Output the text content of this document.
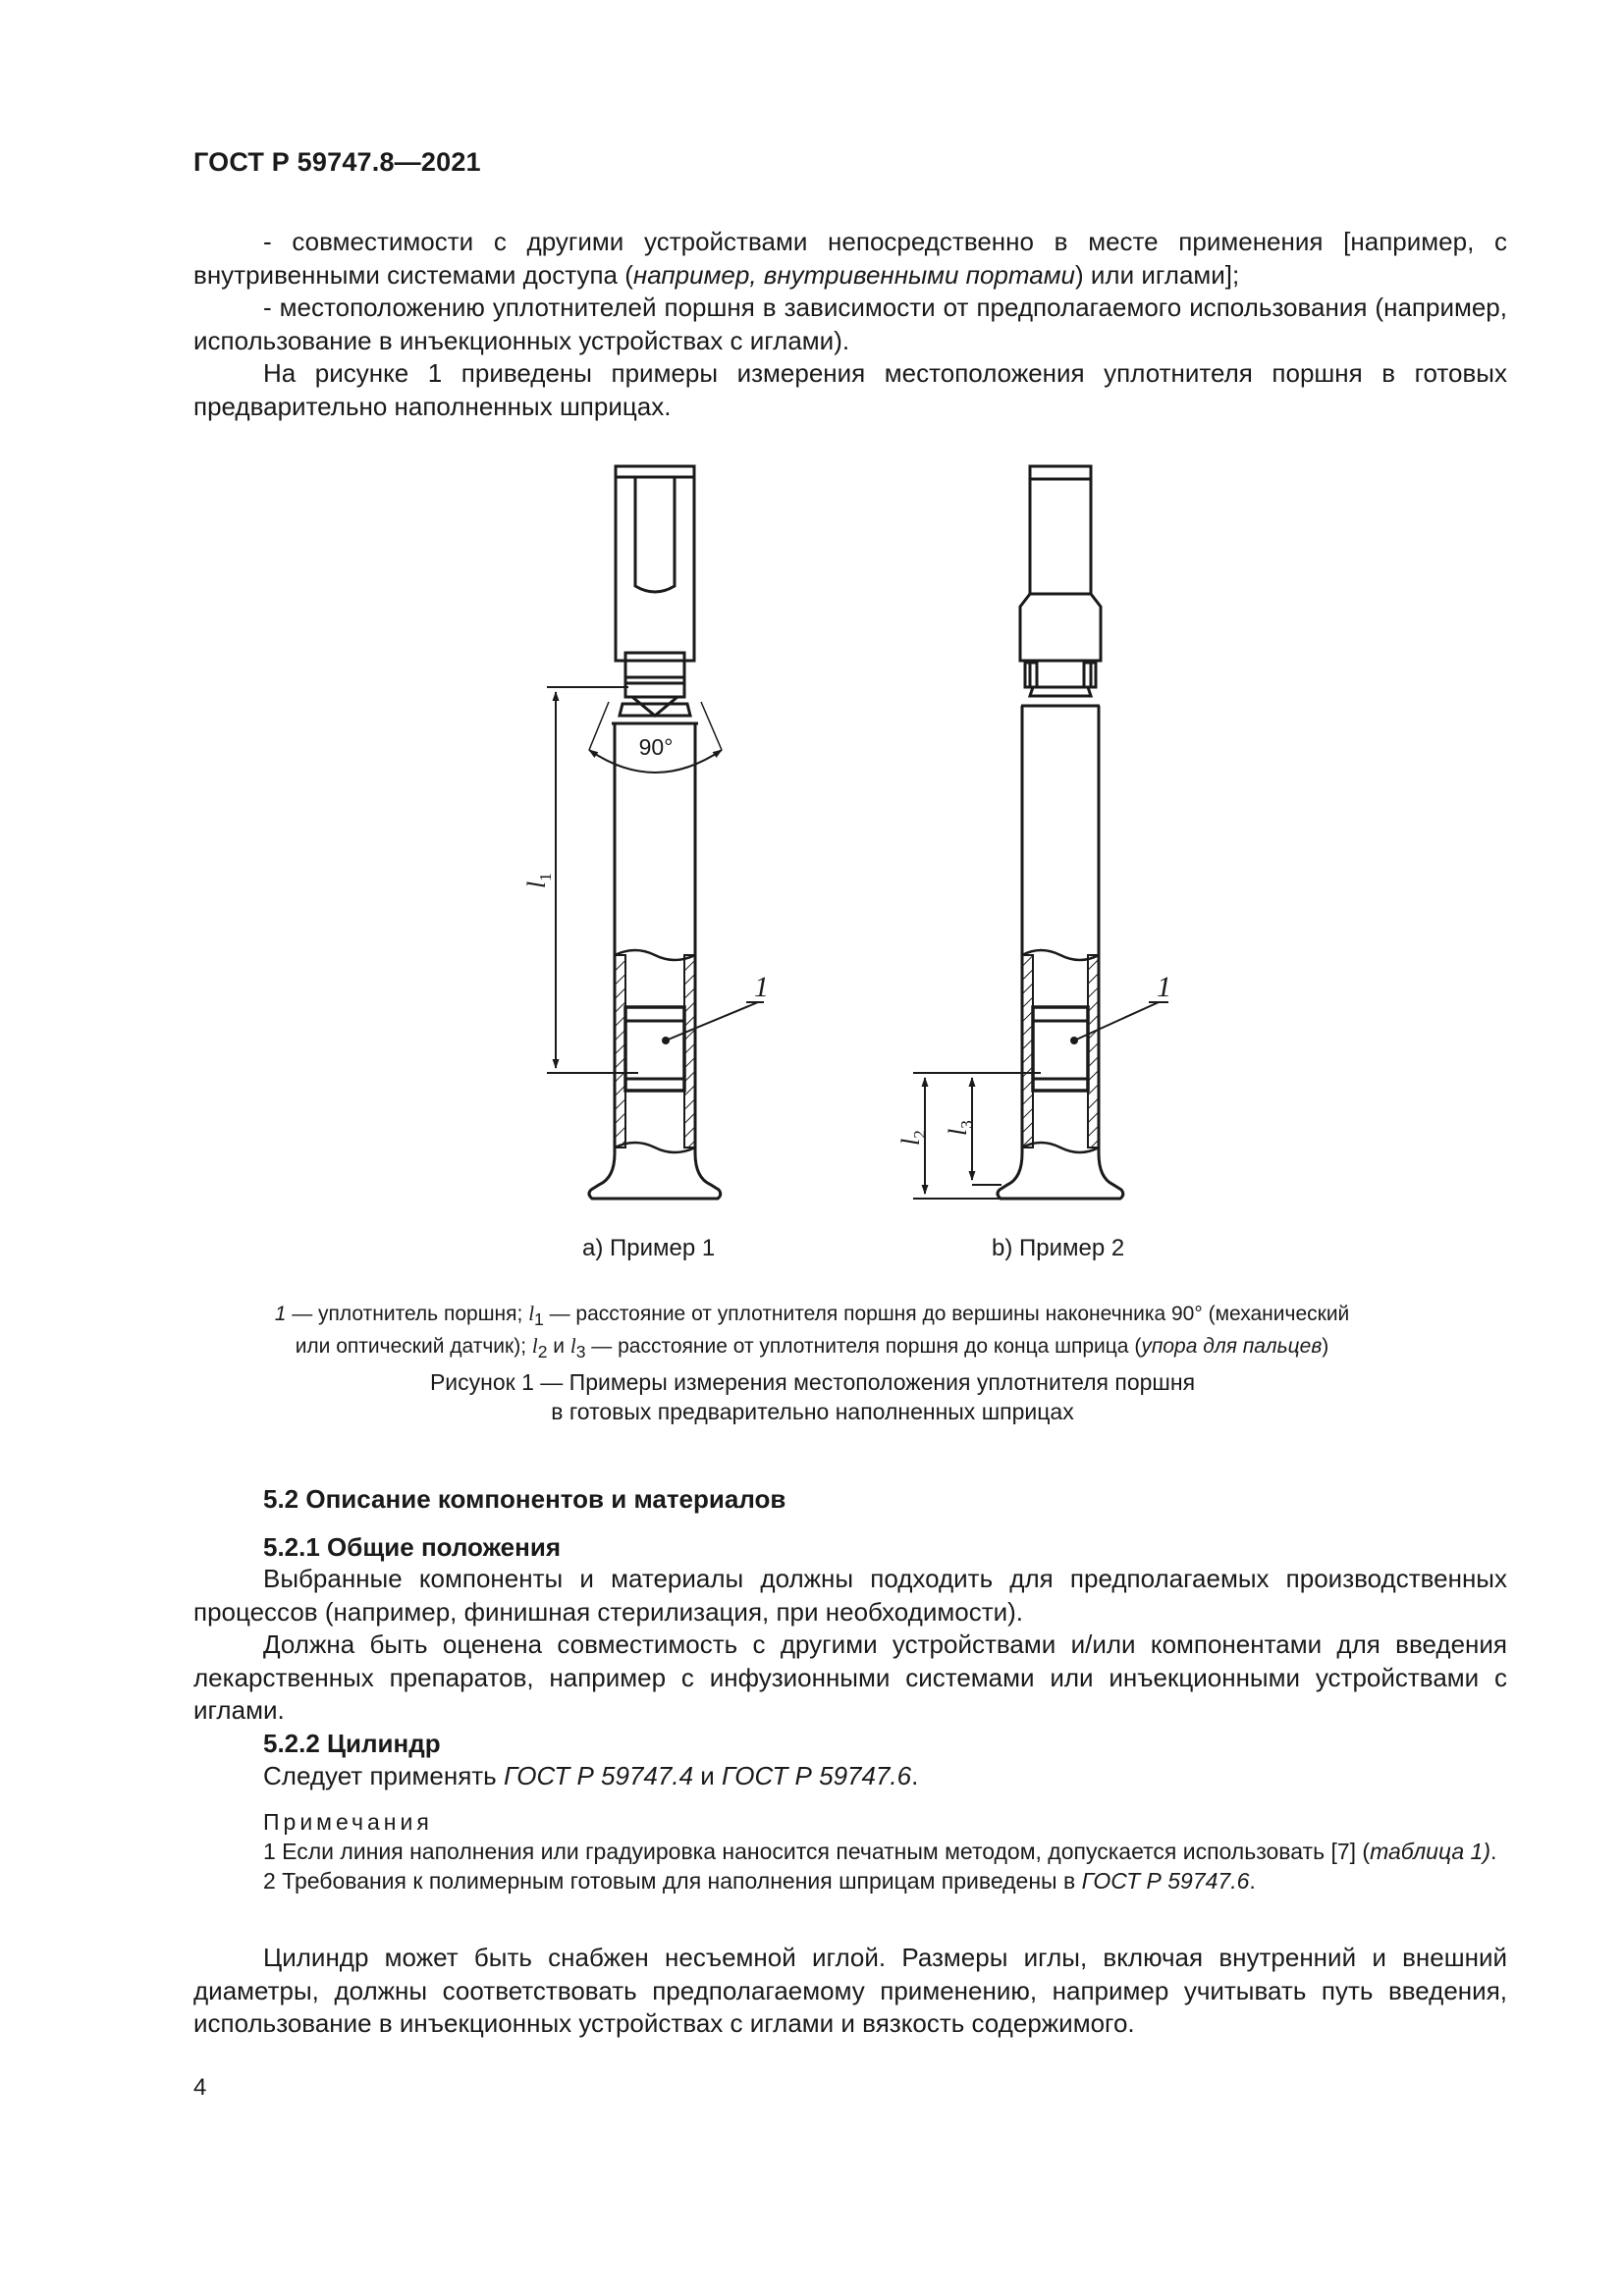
ГОСТ Р 59747.8—2021

- совместимости с другими устройствами непосредственно в месте применения [например, с внутривенными системами доступа (например, внутривенными портами) или иглами];

- местоположению уплотнителей поршня в зависимости от предполагаемого использования (например, использование в инъекционных устройствах с иглами).

На рисунке 1 приведены примеры измерения местоположения уплотнителя поршня в готовых предварительно наполненных шприцах.

90°
1
$l_1$
1
$l_2$ $l_3$
а) Пример 1	b) Пример 2

1 — уплотнитель поршня; $l_1$ — расстояние от уплотнителя поршня до вершины наконечника 90° (механический

или оптический датчик); $l_2$ и $l_3$ — расстояние от уплотнителя поршня до конца шприца (упора для пальцев)

Рисунок 1 — Примеры измерения местоположения уплотнителя поршня

в готовых предварительно наполненных шприцах

5.2 Описание компонентов и материалов
5.2.1 Общие положения

Выбранные компоненты и материалы должны подходить для предполагаемых производственных процессов (например, финишная стерилизация, при необходимости).

Должна быть оценена совместимость с другими устройствами и/или компонентами для введения лекарственных препаратов, например с инфузионными системами или инъекционными устройствами с иглами.

5.2.2 Цилиндр

Следует применять ГОСТ Р 59747.4 и ГОСТ Р 59747.6.

Примечания

1 Если линия наполнения или градуировка наносится печатным методом, допускается использовать [7] (таблица 1).

2 Требования к полимерным готовым для наполнения шприцам приведены в ГОСТ Р 59747.6.

Цилиндр может быть снабжен несъемной иглой. Размеры иглы, включая внутренний и внешний диаметры, должны соответствовать предполагаемому применению, например учитывать путь введения, использование в инъекционных устройствах с иглами и вязкость содержимого.

4
